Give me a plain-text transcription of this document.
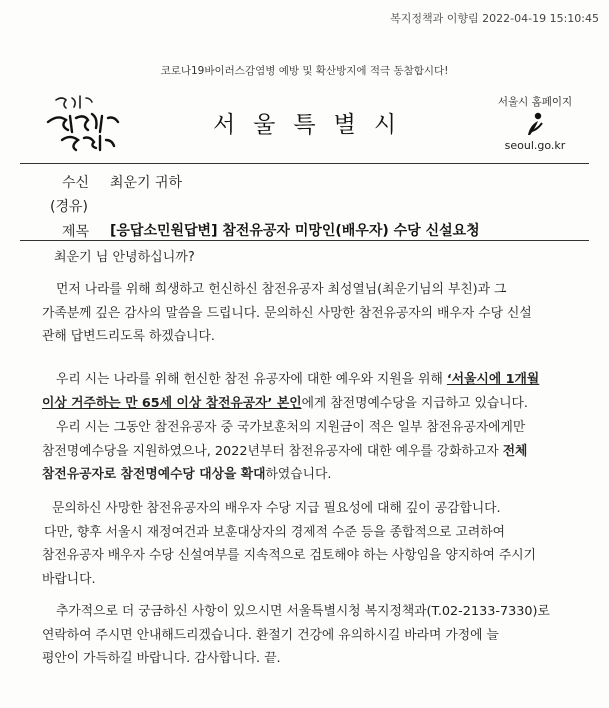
복지정책과 이향림 2022-04-19 15:10:45
코로나19바이러스감염병 예방 및 확산방지에 적극 동참합시다!
서울특별시
서울시 홈페이지
seoul.go.kr
수신 최운기 귀하
(경유)
제목 [응답소민원답변] 참전유공자 미망인(배우자) 수당 신설요청
최운기 님 안녕하십니까?
먼저 나라를 위해 희생하고 헌신하신 참전유공자 최성열님(최운기님의 부친)과 그
가족분께 깊은 감사의 말씀을 드립니다. 문의하신 사망한 참전유공자의 배우자 수당 신설
관해 답변드리도록 하겠습니다.
우리 시는 나라를 위해 헌신한 참전 유공자에 대한 예우와 지원을 위해 ‘서울시에 1개월
이상 거주하는 만 65세 이상 참전유공자’ 본인에게 참전명예수당을 지급하고 있습니다.
우리 시는 그동안 참전유공자 중 국가보훈처의 지원금이 적은 일부 참전유공자에게만
참전명예수당을 지원하였으나, 2022년부터 참전유공자에 대한 예우를 강화하고자 전체
참전유공자로 참전명예수당 대상을 확대하였습니다.
문의하신 사망한 참전유공자의 배우자 수당 지급 필요성에 대해 깊이 공감합니다.
다만, 향후 서울시 재정여건과 보훈대상자의 경제적 수준 등을 종합적으로 고려하여
참전유공자 배우자 수당 신설여부를 지속적으로 검토해야 하는 사항임을 양지하여 주시기
바랍니다.
추가적으로 더 궁금하신 사항이 있으시면 서울특별시청 복지정책과(T.02-2133-7330)로
연락하여 주시면 안내해드리겠습니다. 환절기 건강에 유의하시길 바라며 가정에 늘
평안이 가득하길 바랍니다. 감사합니다. 끝.
